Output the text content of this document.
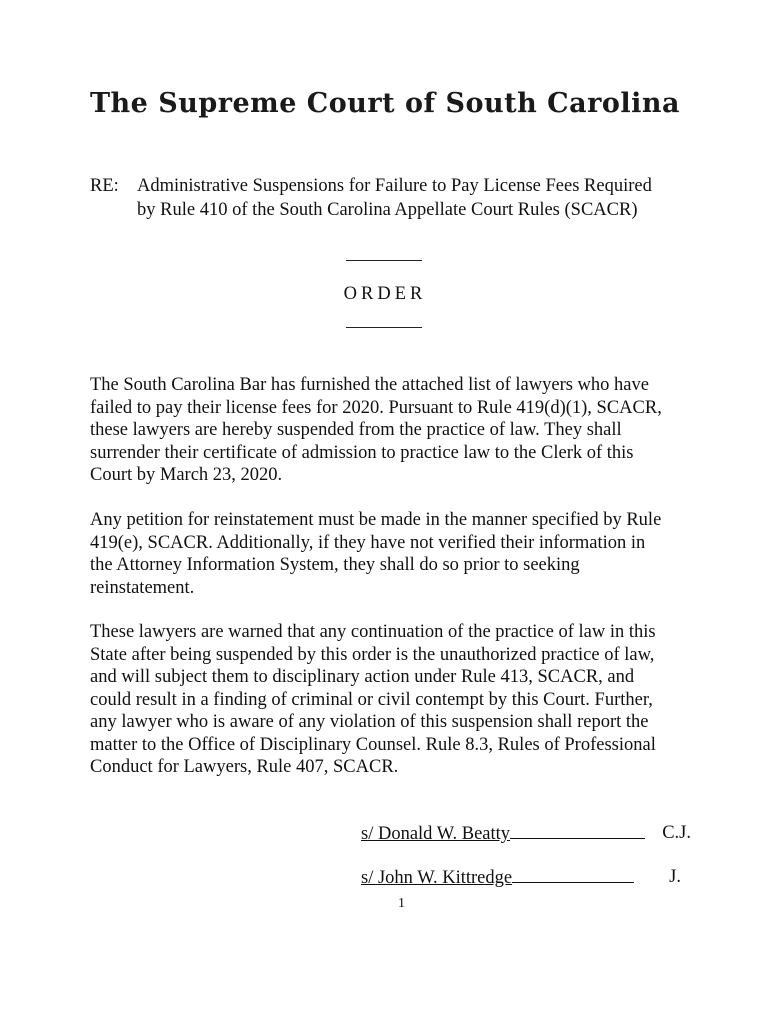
The Supreme Court of South Carolina
RE: Administrative Suspensions for Failure to Pay License Fees Required
by Rule 410 of the South Carolina Appellate Court Rules (SCACR)
ORDER
The South Carolina Bar has furnished the attached list of lawyers who have
failed to pay their license fees for 2020. Pursuant to Rule 419(d)(1), SCACR,
these lawyers are hereby suspended from the practice of law. They shall
surrender their certificate of admission to practice law to the Clerk of this
Court by March 23, 2020.
Any petition for reinstatement must be made in the manner specified by Rule
419(e), SCACR. Additionally, if they have not verified their information in
the Attorney Information System, they shall do so prior to seeking
reinstatement.
These lawyers are warned that any continuation of the practice of law in this
State after being suspended by this order is the unauthorized practice of law,
and will subject them to disciplinary action under Rule 413, SCACR, and
could result in a finding of criminal or civil contempt by this Court. Further,
any lawyer who is aware of any violation of this suspension shall report the
matter to the Office of Disciplinary Counsel. Rule 8.3, Rules of Professional
Conduct for Lawyers, Rule 407, SCACR.
s/ Donald W. Beatty	C.J.
s/ John W. Kittredge	J.
1
